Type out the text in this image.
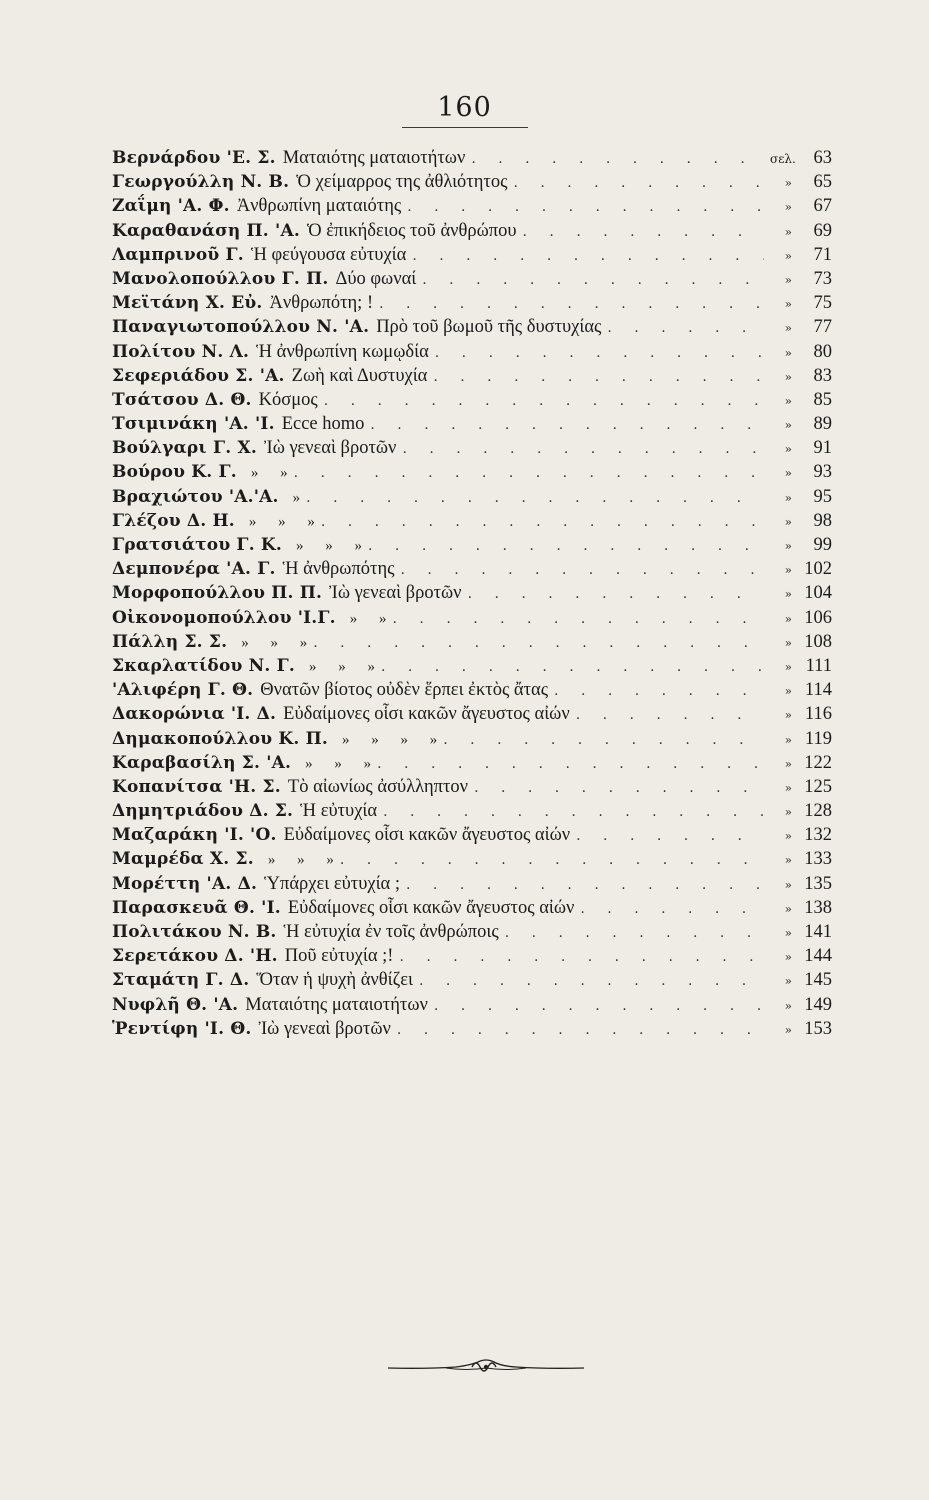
160
Βερνάρδου 'Ε. Σ. Ματαιότης ματαιοτήτων . . .	σελ. 63
Γεωργούλλη Ν. Β. Ὁ χείμαρρος της ἀθλιότητος . . .	»	65
Ζαΐμη 'Α. Φ. Ἀνθρωπίνη ματαιότης . . .	»	67
Καραθανάση Π. 'Α. Ὁ ἐπικήδειος τοῦ ἀνθρώπου . . .	»	69
Λαμπρινοῦ Γ. Ἡ φεύγουσα εὐτυχία . . .	»	71
Μανολοπούλλου Γ. Π. Δύο φωναί . . .	»	73
Μεϊτάνη Χ. Εὐ. Ἀνθρωπότη; ! . . .	»	75
Παναγιωτοπούλλου Ν. 'Α. Πρὸ τοῦ βωμοῦ τῆς δυστυχίας . . .	»	77
Πολίτου Ν. Λ. Ἡ ἀνθρωπίνη κωμῳδία . . .	»	80
Σεφεριάδου Σ. 'Α. Ζωὴ καὶ Δυστυχία . . .	»	83
Τσάτσου Δ. Θ. Κόσμος . . .	»	85
Τσιμινάκη 'Α. 'Ι. Ecce homo . . .	»	89
Βούλγαρι Γ. Χ. Ἰὼ γενεαὶ βροτῶν . . .	»	91
Βούρου Κ. Γ. » » . . .	»	93
Βραχιώτου 'Α.'Α. » . . .	»	95
Γλέζου Δ. Η. » » » . . .	»	98
Γρατσιάτου Γ. Κ. » » » . . .	»	99
Δεμπονέρα 'Α. Γ. Ἡ ἀνθρωπότης . . .	» 102
Μορφοπούλλου Π. Π. Ἰὼ γενεαὶ βροτῶν . . .	» 104
Οἰκονομοπούλλου 'Ι.Γ. » » . . .	» 106
Πάλλη Σ. Σ. » » » . . .	» 108
Σκαρλατίδου Ν. Γ. » » » . . .	» 111
'Αλιφέρη Γ. Θ. Θνατῶν βίοτος οὐδὲν ἕρπει ἐκτὸς ἄτας . . .	» 114
Δακορώνια 'Ι. Δ. Εὐδαίμονες οἷσι κακῶν ἄγευστος αἰών . . .	» 116
Δημακοπούλλου Κ. Π. » » » » . . .	» 119
Καραβασίλη Σ. 'Α. » » » . . .	» 122
Κοπανίτσα 'Η. Σ. Τὸ αἰωνίως ἀσύλληπτον . . .	» 125
Δημητριάδου Δ. Σ. Ἡ εὐτυχία . . .	» 128
Μαζαράκη 'Ι. 'Ο. Εὐδαίμονες οἷσι κακῶν ἄγευστος αἰών . . .	» 132
Μαμρέδα Χ. Σ. » » » . . .	» 133
Μορέττη 'Α. Δ. Ὑπάρχει εὐτυχία ; . . .	» 135
Παρασκευᾶ Θ. 'Ι. Εὐδαίμονες οἷσι κακῶν ἄγευστος αἰών . . .	» 138
Πολιτάκου Ν. Β. Ἡ εὐτυχία ἐν τοῖς ἀνθρώποις . . .	» 141
Σερετάκου Δ. 'Η. Ποῦ εὐτυχία ;! . . .	» 144
Σταμάτη Γ. Δ. Ὅταν ἡ ψυχὴ ἀνθίζει . . .	» 145
Νυφλῆ Θ. 'Α. Ματαιότης ματαιοτήτων . . .	» 149
Ῥεντίφη 'Ι. Θ. Ἰὼ γενεαὶ βροτῶν . . .	» 153
